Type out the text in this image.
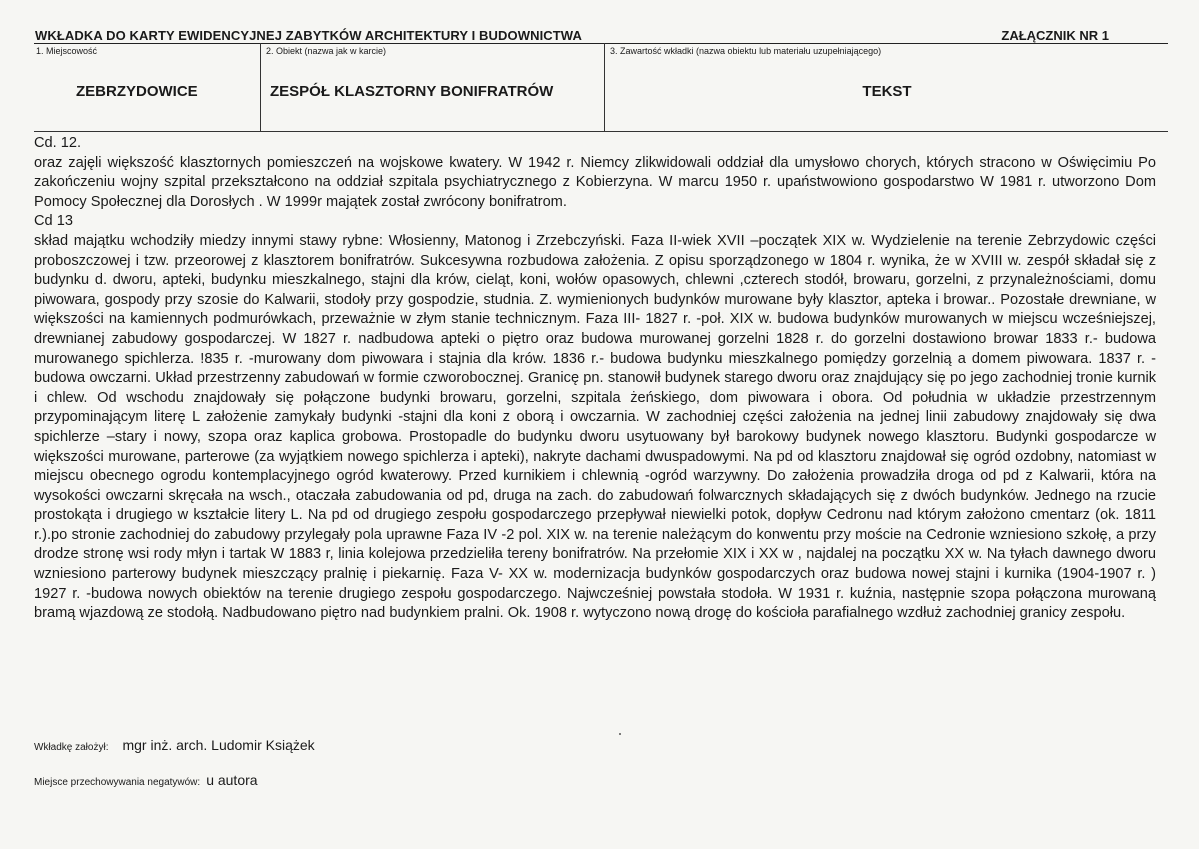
WKŁADKA DO KARTY EWIDENCYJNEJ ZABYTKÓW ARCHITEKTURY I BUDOWNICTWA	ZAŁĄCZNIK NR 1
1. Miejscowość
ZEBRZYDOWICE
2. Obiekt (nazwa jak w karcie)
ZESPÓŁ KLASZTORNY BONIFRATRÓW
3. Zawartość wkładki (nazwa obiektu lub materiału uzupełniającego)
TEKST

Cd. 12.

oraz zajęli większość klasztornych pomieszczeń na wojskowe kwatery. W 1942 r. Niemcy zlikwidowali oddział dla umysłowo chorych, których stracono w Oświęcimiu Po zakończeniu wojny szpital przekształcono na oddział szpitala psychiatrycznego z Kobierzyna. W marcu 1950 r. upaństwowiono gospodarstwo W 1981 r. utworzono Dom Pomocy Społecznej dla Dorosłych . W 1999r majątek został zwrócony bonifratrom.

Cd 13

skład majątku wchodziły miedzy innymi stawy rybne: Włosienny, Matonog i Zrzebczyński. Faza II-wiek XVII –początek XIX w. Wydzielenie na terenie Zebrzydowic części proboszczowej i tzw. przeorowej z klasztorem bonifratrów. Sukcesywna rozbudowa założenia. Z opisu sporządzonego w 1804 r. wynika, że w XVIII w. zespół składał się z budynku d. dworu, apteki, budynku mieszkalnego, stajni dla krów, cieląt, koni, wołów opasowych, chlewni ,czterech stodół, browaru, gorzelni, z przynależnościami, domu piwowara, gospody przy szosie do Kalwarii, stodoły przy gospodzie, studnia. Z. wymienionych budynków murowane były klasztor, apteka i browar.. Pozostałe drewniane, w większości na kamiennych podmurówkach, przeważnie w złym stanie technicznym. Faza III- 1827 r. -poł. XIX w. budowa budynków murowanych w miejscu wcześniejszej, drewnianej zabudowy gospodarczej. W 1827 r. nadbudowa apteki o piętro oraz budowa murowanej gorzelni 1828 r. do gorzelni dostawiono browar 1833 r.- budowa murowanego spichlerza. !835 r. -murowany dom piwowara i stajnia dla krów. 1836 r.- budowa budynku mieszkalnego pomiędzy gorzelnią a domem piwowara. 1837 r. - budowa owczarni. Układ przestrzenny zabudowań w formie czworobocznej. Granicę pn. stanowił budynek starego dworu oraz znajdujący się po jego zachodniej tronie kurnik i chlew. Od wschodu znajdowały się połączone budynki browaru, gorzelni, szpitala żeńskiego, dom piwowara i obora. Od południa w układzie przestrzennym przypominającym literę L założenie zamykały budynki -stajni dla koni z oborą i owczarnia. W zachodniej części założenia na jednej linii zabudowy znajdowały się dwa spichlerze –stary i nowy, szopa oraz kaplica grobowa. Prostopadle do budynku dworu usytuowany był barokowy budynek nowego klasztoru. Budynki gospodarcze w większości murowane, parterowe (za wyjątkiem nowego spichlerza i apteki), nakryte dachami dwuspadowymi. Na pd od klasztoru znajdował się ogród ozdobny, natomiast w miejscu obecnego ogrodu kontemplacyjnego ogród kwaterowy. Przed kurnikiem i chlewnią -ogród warzywny. Do założenia prowadziła droga od pd z Kalwarii, która na wysokości owczarni skręcała na wsch., otaczała zabudowania od pd, druga na zach. do zabudowań folwarcznych składających się z dwóch budynków. Jednego na rzucie prostokąta i drugiego w kształcie litery L. Na pd od drugiego zespołu gospodarczego przepływał niewielki potok, dopływ Cedronu nad którym założono cmentarz (ok. 1811 r.).po stronie zachodniej do zabudowy przylegały pola uprawne Faza IV -2 pol. XIX w. na terenie należącym do konwentu przy moście na Cedronie wzniesiono szkołę, a przy drodze stronę wsi rody młyn i tartak W 1883 r, linia kolejowa przedzieliła tereny bonifratrów. Na przełomie XIX i XX w , najdalej na początku XX w. Na tyłach dawnego dworu wzniesiono parterowy budynek mieszczący pralnię i piekarnię. Faza V- XX w. modernizacja budynków gospodarczych oraz budowa nowej stajni i kurnika (1904-1907 r. ) 1927 r. -budowa nowych obiektów na terenie drugiego zespołu gospodarczego. Najwcześniej powstała stodoła. W 1931 r. kuźnia, następnie szopa połączona murowaną bramą wjazdową ze stodołą. Nadbudowano piętro nad budynkiem pralni. Ok. 1908 r. wytyczono nową drogę do kościoła parafialnego wzdłuż zachodniej granicy zespołu.

Wkładkę założył: mgr inż. arch. Ludomir Książek
Miejsce przechowywania negatywów: u autora
